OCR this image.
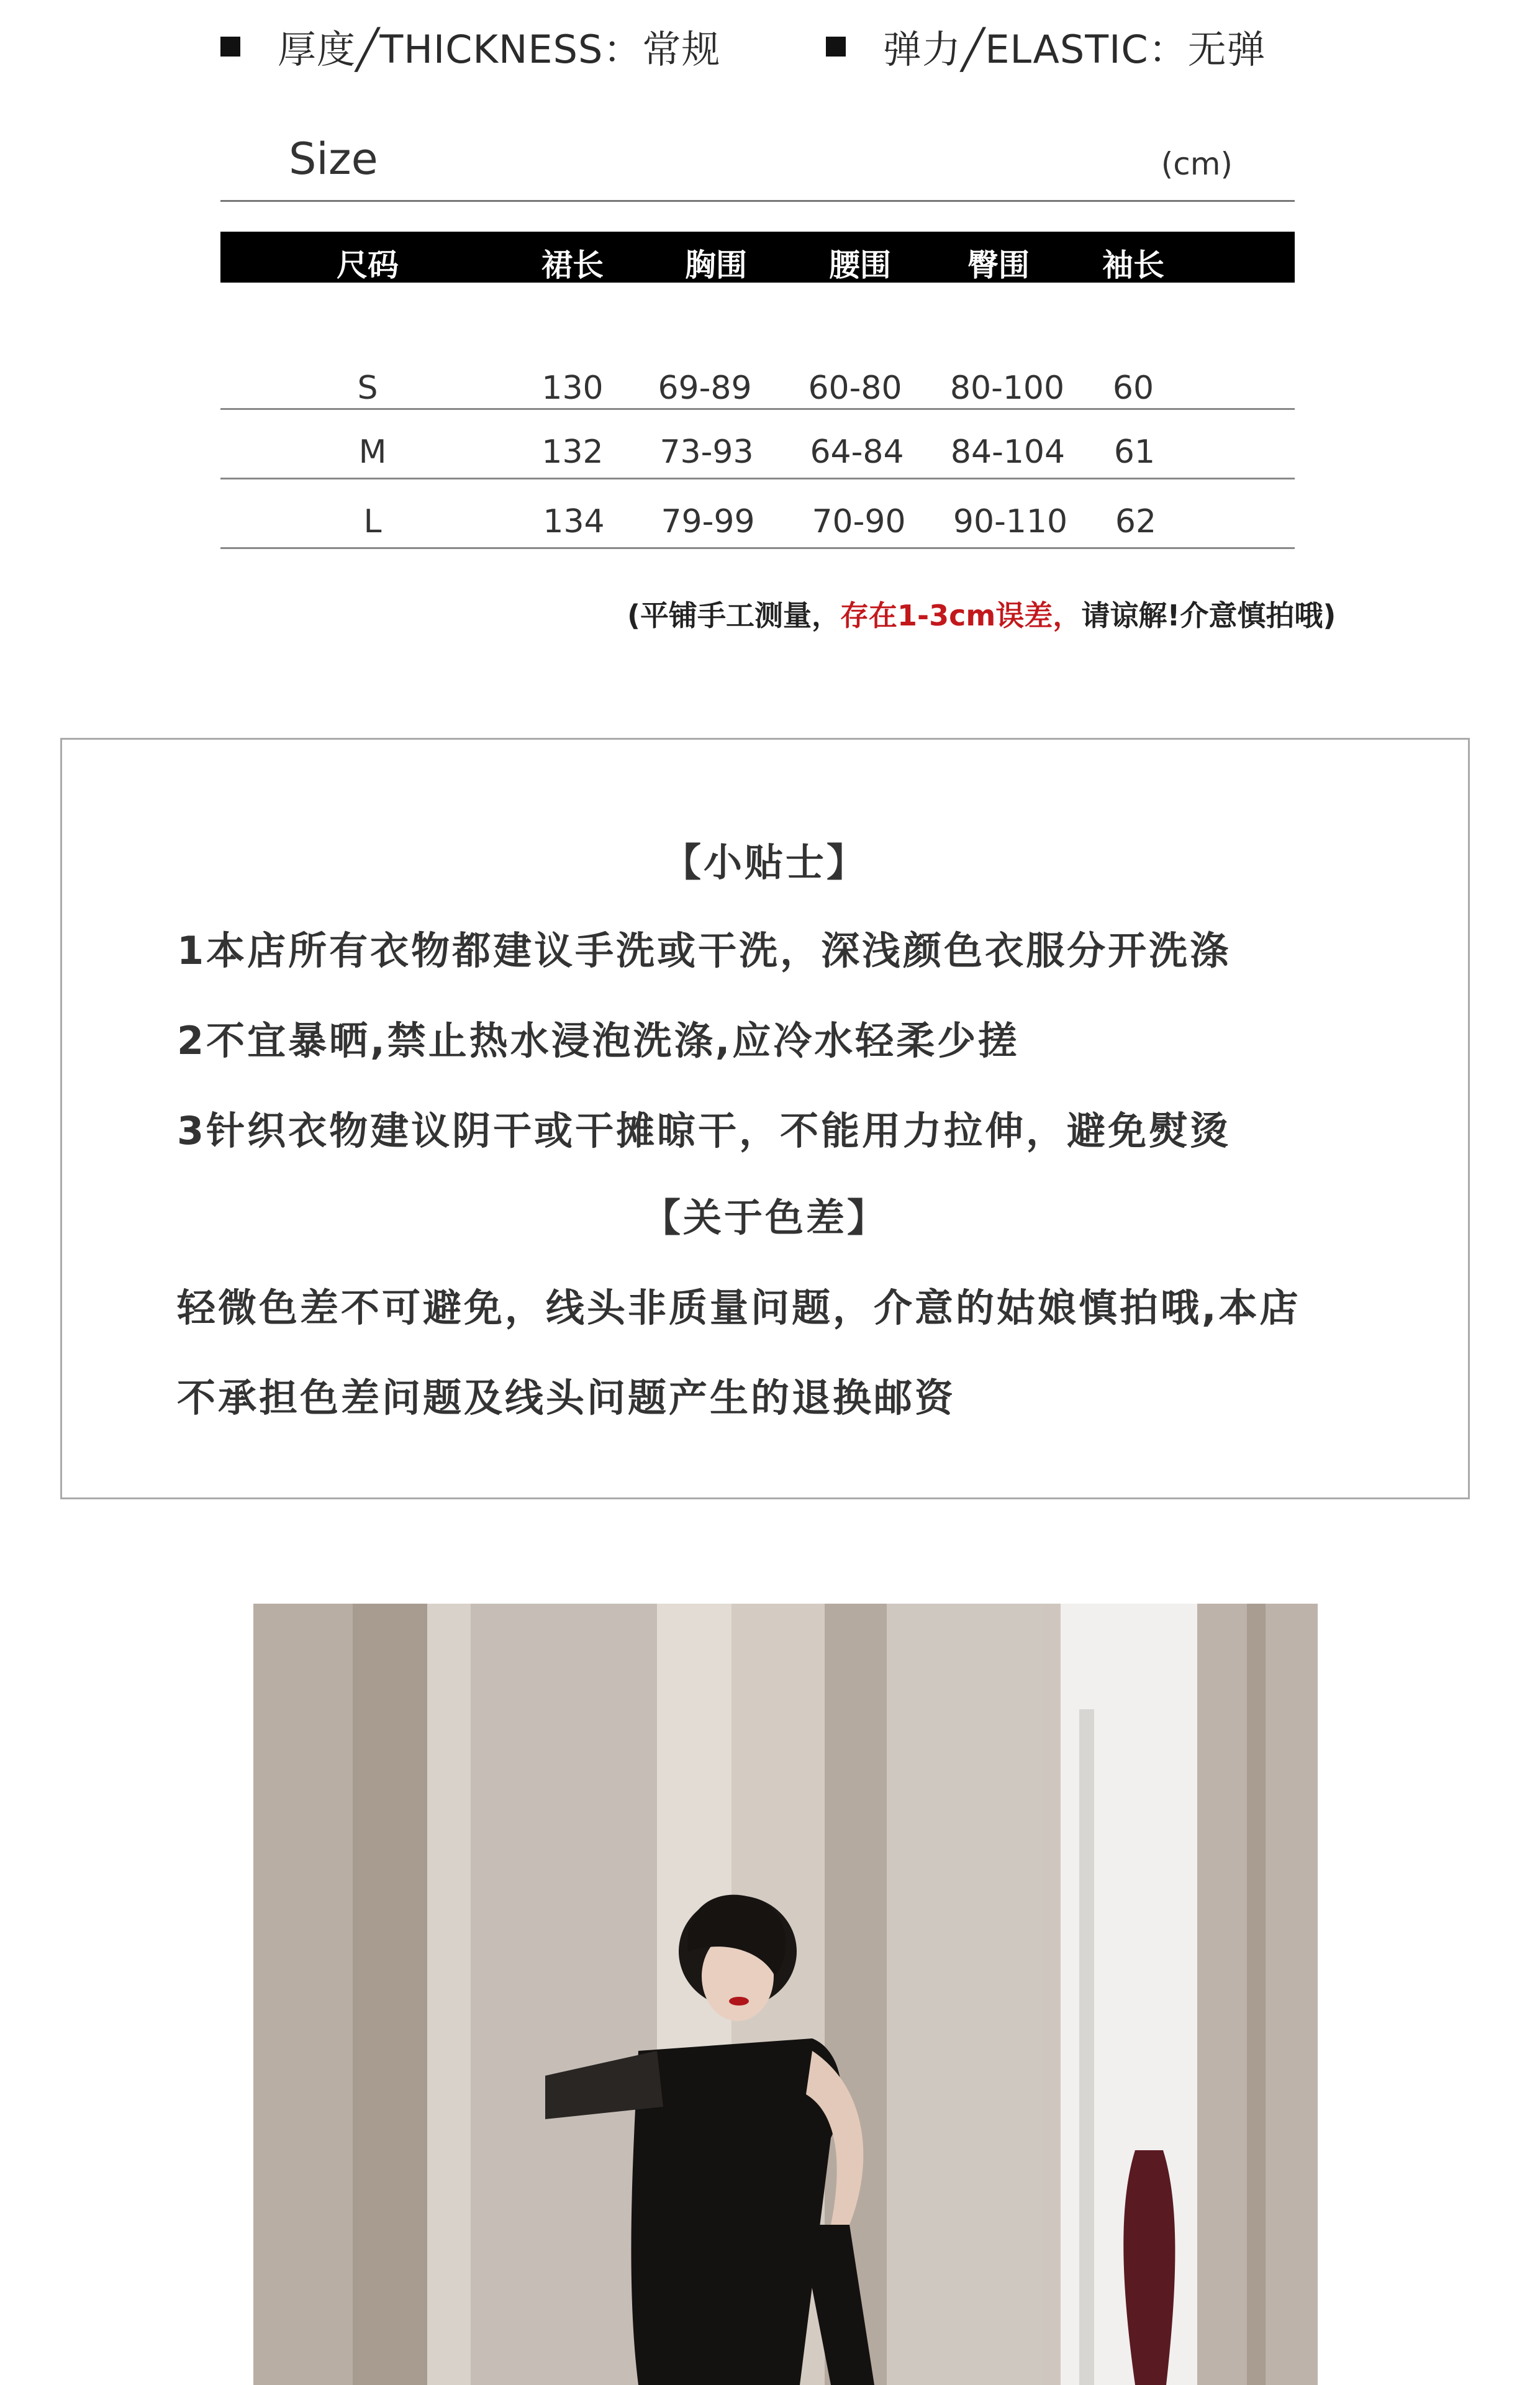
厚度╱THICKNESS：常规	弹力╱ELASTIC：无弹
Size	(cm)
尺码	裙长	胸围	腰围 臀围 袖长
S	130 69-89 60-80 80-100 60
M	132 73-93 64-84 84-104 61
L	134 79-99 70-90 90-110 62
(平铺手工测量，存在1-3cm误差，请谅解!介意慎拍哦)
【小贴士】
1本店所有衣物都建议手洗或干洗，深浅颜色衣服分开洗涤
2不宜暴晒,禁止热水浸泡洗涤,应冷水轻柔少搓
3针织衣物建议阴干或干摊晾干，不能用力拉伸，避免熨烫
【关于色差】
轻微色差不可避免，线头非质量问题，介意的姑娘慎拍哦,本店
不承担色差问题及线头问题产生的退换邮资
